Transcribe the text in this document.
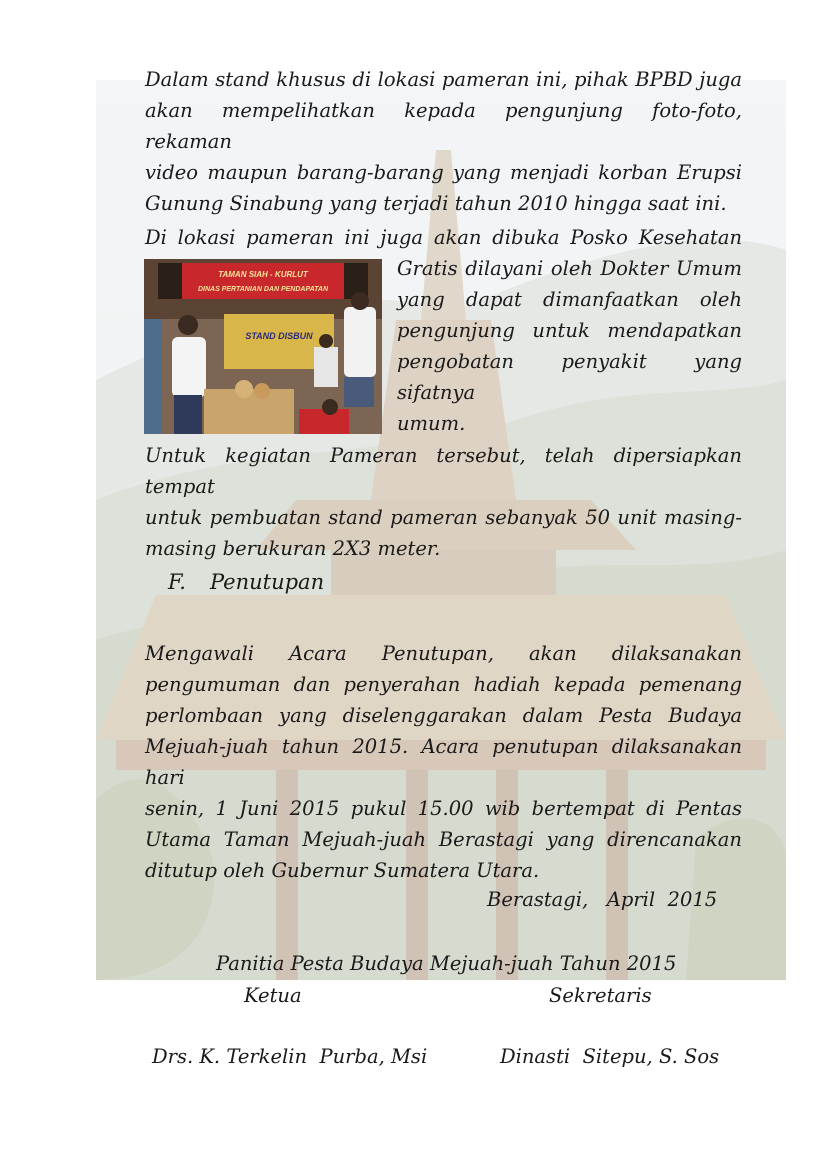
Dalam stand khusus di lokasi pameran ini, pihak BPBD juga

akan mempelihatkan kepada pengunjung foto-foto, rekaman

video maupun barang-barang yang menjadi korban Erupsi

Gunung Sinabung yang terjadi tahun 2010 hingga saat ini.

Di lokasi pameran ini juga akan dibuka Posko Kesehatan

TAMAN SIAH - KURLUT
DINAS PERTANIAN DAN PENDAPATAN
STAND DISBUN

Gratis dilayani oleh Dokter Umum

yang dapat dimanfaatkan oleh

pengunjung untuk mendapatkan

pengobatan penyakit yang sifatnya

umum.

Untuk kegiatan Pameran tersebut, telah dipersiapkan tempat

untuk pembuatan stand pameran sebanyak 50 unit masing-

masing berukuran 2X3 meter.

F. Penutupan

Mengawali Acara Penutupan, akan dilaksanakan

pengumuman dan penyerahan hadiah kepada pemenang

perlombaan yang diselenggarakan dalam Pesta Budaya

Mejuah-juah tahun 2015. Acara penutupan dilaksanakan hari

senin, 1 Juni 2015 pukul 15.00 wib bertempat di Pentas

Utama Taman Mejuah-juah Berastagi yang direncanakan

ditutup oleh Gubernur Sumatera Utara.

Berastagi,   April  2015
Panitia Pesta Budaya Mejuah-juah Tahun 2015
Ketua	Sekretaris
Drs. K. Terkelin  Purba, Msi	Dinasti  Sitepu, S. Sos
